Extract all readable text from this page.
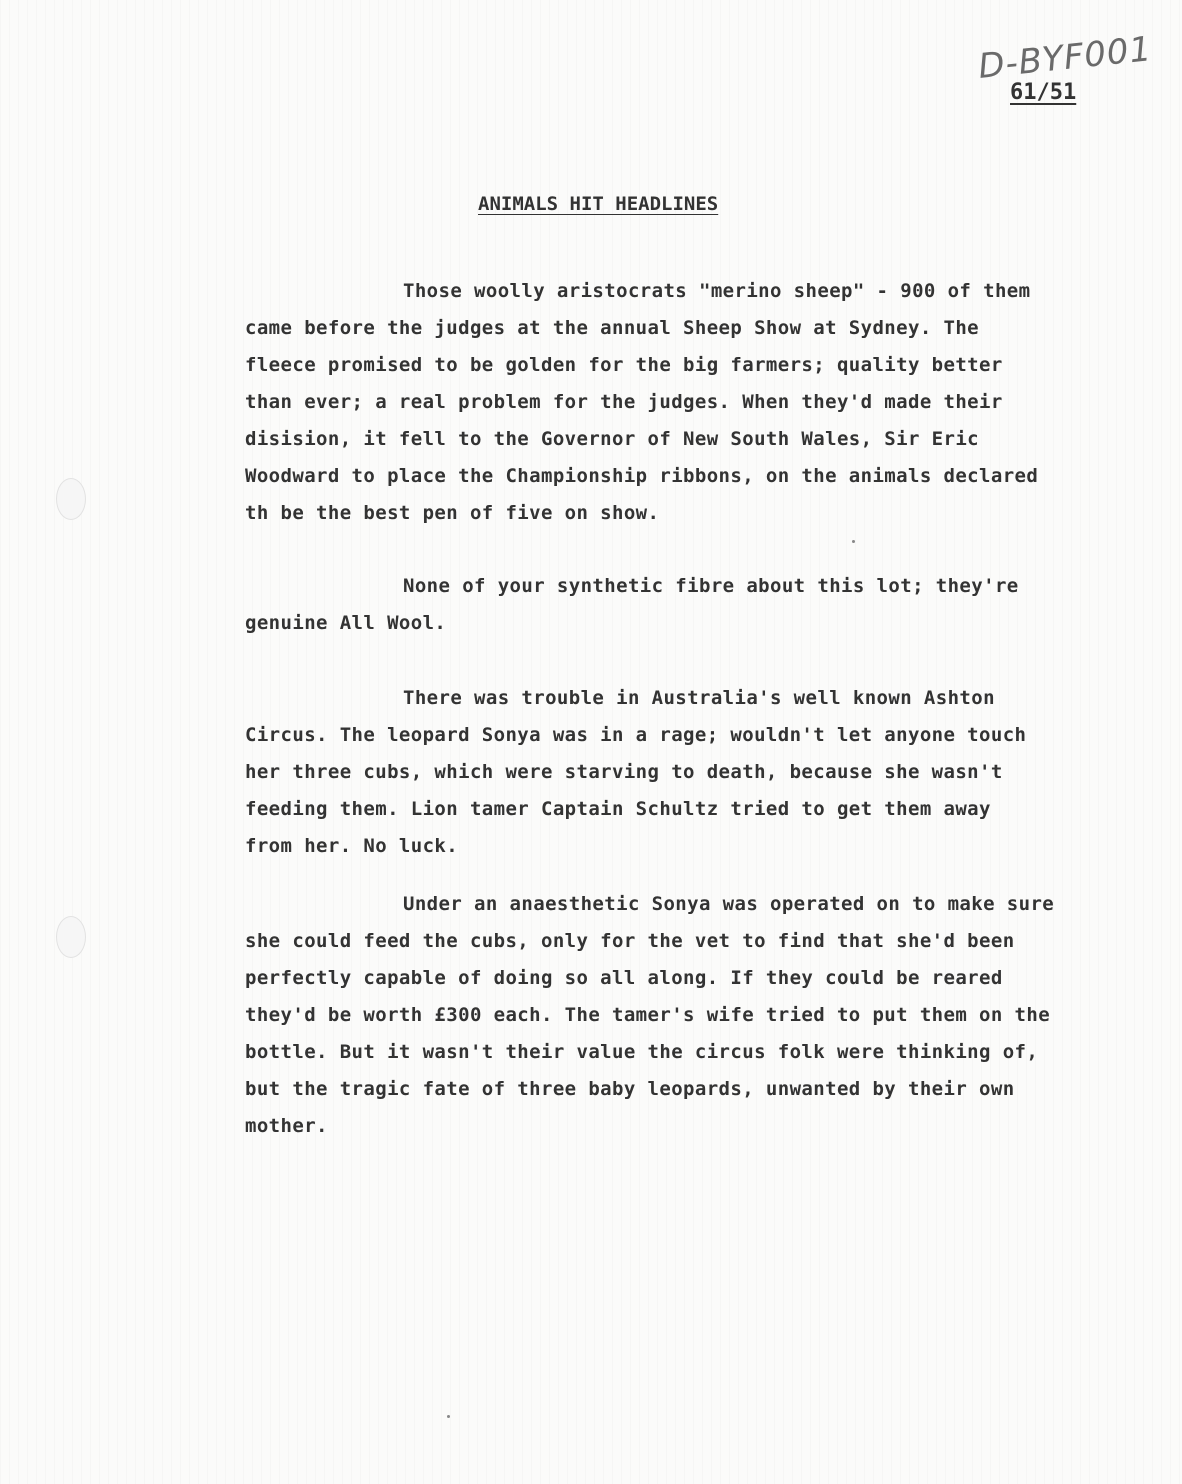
D-BYF001
61/51
ANIMALS HIT HEADLINES
Those woolly aristocrats "merino sheep" - 900 of them
came before the judges at the annual Sheep Show at Sydney. The
fleece promised to be golden for the big farmers; quality better
than ever; a real problem for the judges. When they'd made their
disision, it fell to the Governor of New South Wales, Sir Eric
Woodward to place the Championship ribbons, on the animals declared
th be the best pen of five on show.
None of your synthetic fibre about this lot; they're
genuine All Wool.
There was trouble in Australia's well known Ashton
Circus. The leopard Sonya was in a rage; wouldn't let anyone touch
her three cubs, which were starving to death, because she wasn't
feeding them. Lion tamer Captain Schultz tried to get them away
from her. No luck.
Under an anaesthetic Sonya was operated on to make sure
she could feed the cubs, only for the vet to find that she'd been
perfectly capable of doing so all along. If they could be reared
they'd be worth £300 each. The tamer's wife tried to put them on the
bottle. But it wasn't their value the circus folk were thinking of,
but the tragic fate of three baby leopards, unwanted by their own
mother.
